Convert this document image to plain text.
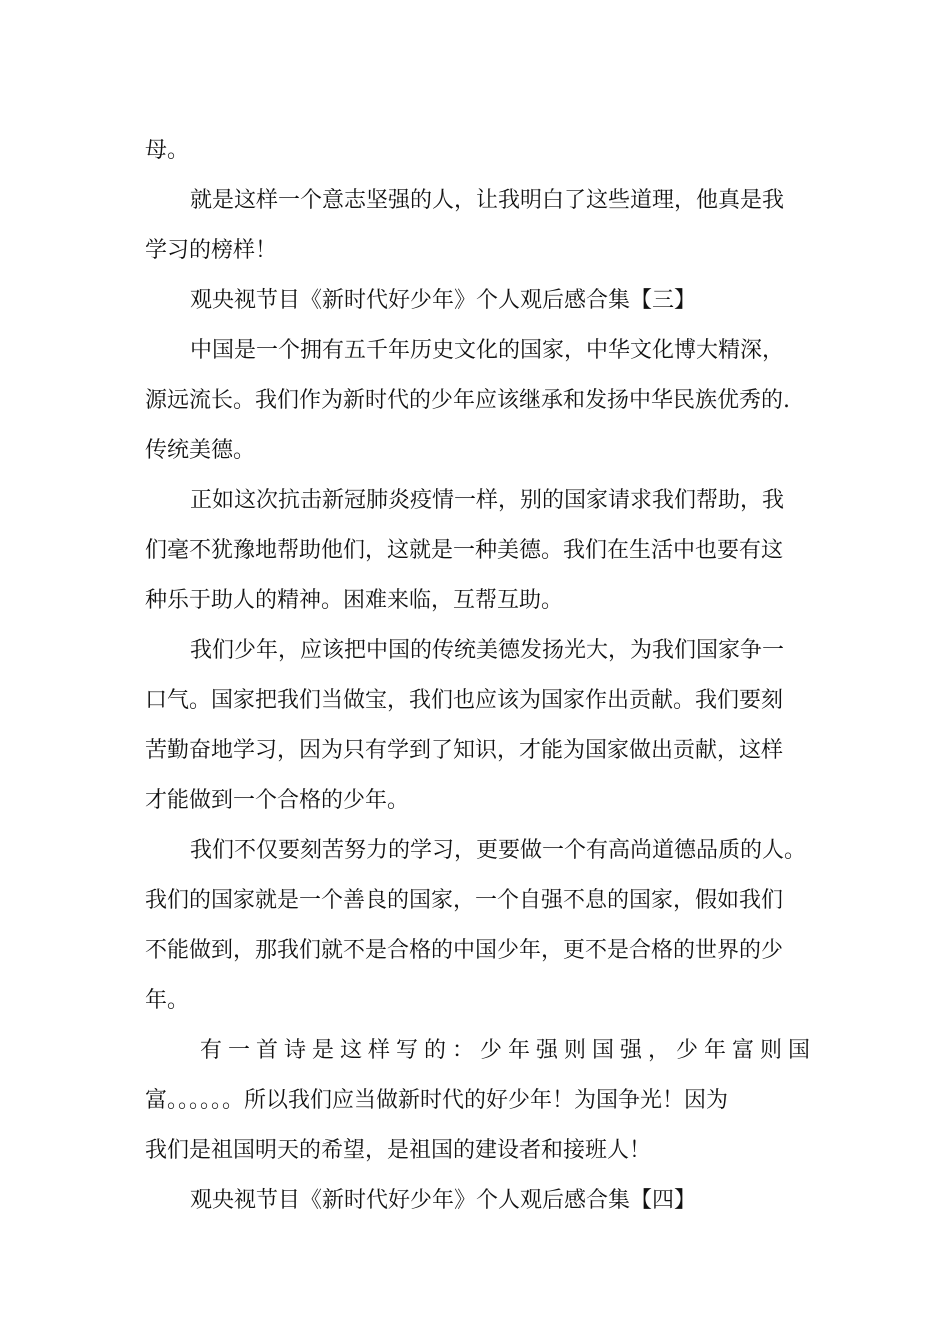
母。
就是这样一个意志坚强的人，让我明白了这些道理，他真是我
学习的榜样！
观央视节目《新时代好少年》个人观后感合集【三】
中国是一个拥有五千年历史文化的国家，中华文化博大精深，
源远流长。我们作为新时代的少年应该继承和发扬中华民族优秀的.
传统美德。
正如这次抗击新冠肺炎疫情一样，别的国家请求我们帮助，我
们毫不犹豫地帮助他们，这就是一种美德。我们在生活中也要有这
种乐于助人的精神。困难来临，互帮互助。
我们少年，应该把中国的传统美德发扬光大，为我们国家争一
口气。国家把我们当做宝，我们也应该为国家作出贡献。我们要刻
苦勤奋地学习，因为只有学到了知识，才能为国家做出贡献，这样
才能做到一个合格的少年。
我们不仅要刻苦努力的学习，更要做一个有高尚道德品质的人。
我们的国家就是一个善良的国家，一个自强不息的国家，假如我们
不能做到，那我们就不是合格的中国少年，更不是合格的世界的少
年。
有一首诗是这样写的：少年强则国强，少年富则国
富。。。。。。所以我们应当做新时代的好少年！为国争光！因为
我们是祖国明天的希望，是祖国的建设者和接班人！
观央视节目《新时代好少年》个人观后感合集【四】
